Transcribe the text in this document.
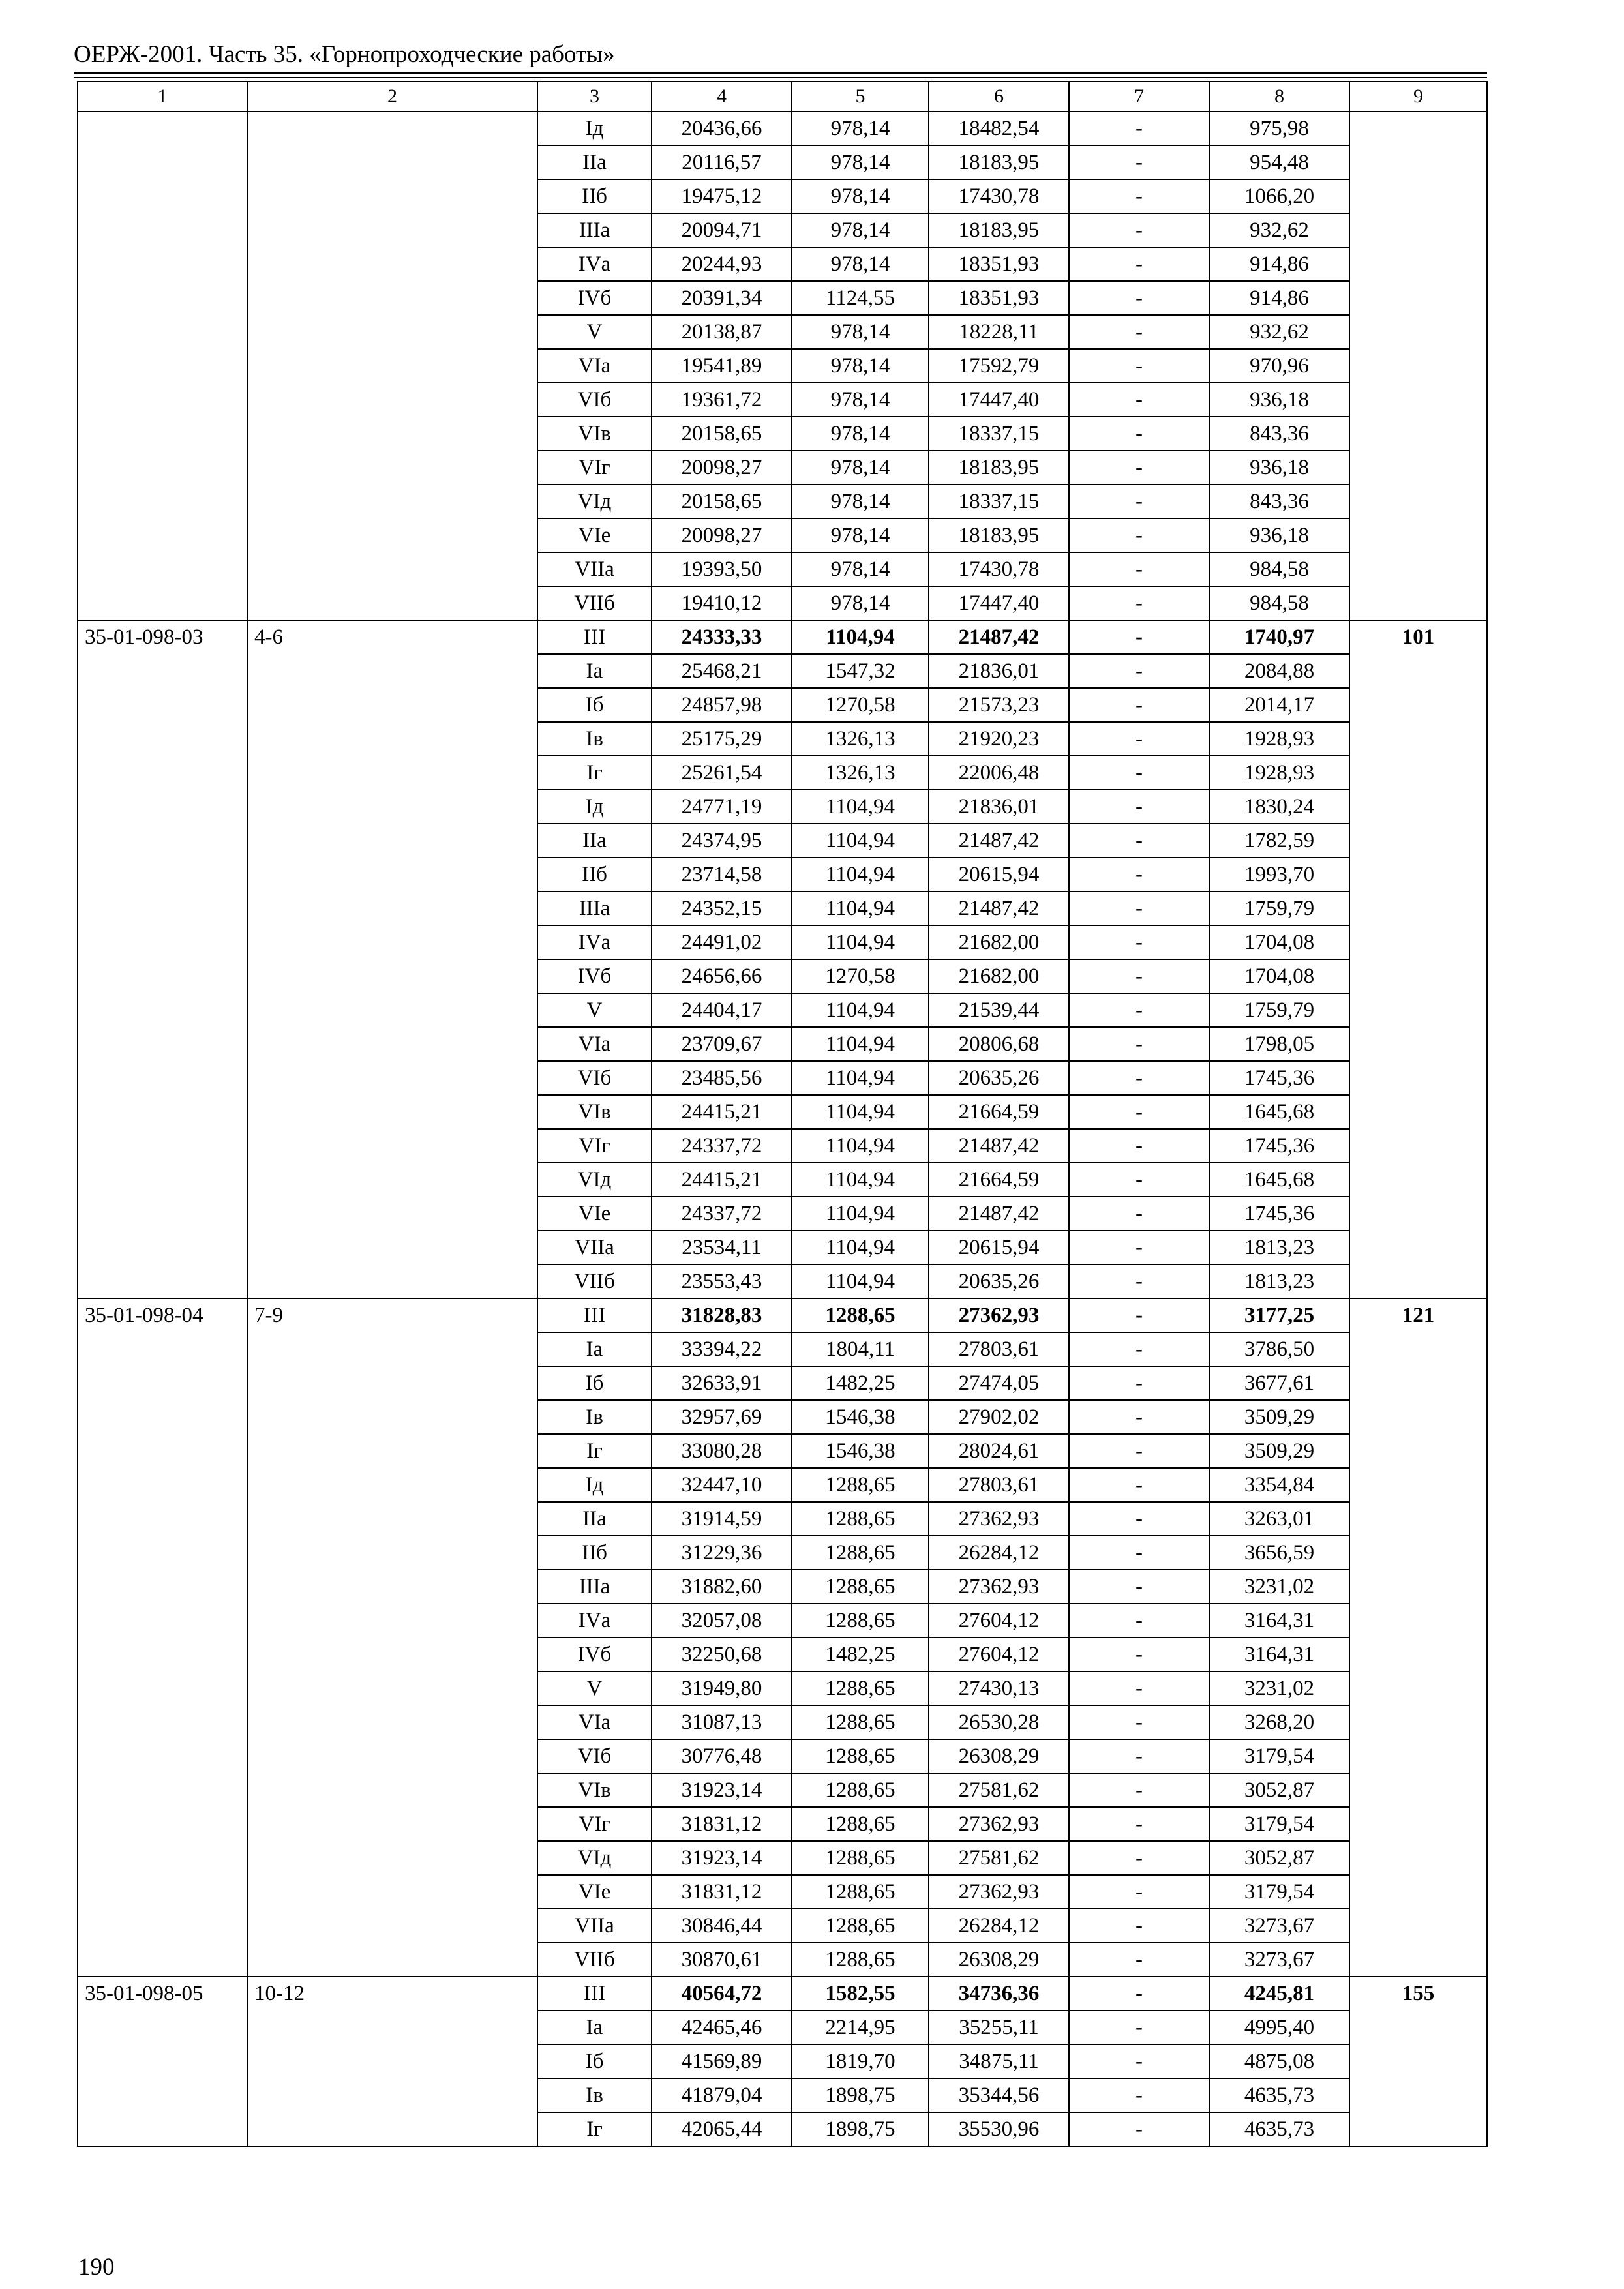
ОЕРЖ-2001. Часть 35. «Горнопроходческие работы»
1	2	3	4	5	6	7	8	9
		Iд	20436,66	978,14	18482,54	-	975,98	
		IIа	20116,57	978,14	18183,95	-	954,48	
		IIб	19475,12	978,14	17430,78	-	1066,20	
		IIIа	20094,71	978,14	18183,95	-	932,62	
		IVа	20244,93	978,14	18351,93	-	914,86	
		IVб	20391,34	1124,55	18351,93	-	914,86	
		V	20138,87	978,14	18228,11	-	932,62	
		VIа	19541,89	978,14	17592,79	-	970,96	
		VIб	19361,72	978,14	17447,40	-	936,18	
		VIв	20158,65	978,14	18337,15	-	843,36	
		VIг	20098,27	978,14	18183,95	-	936,18	
		VIд	20158,65	978,14	18337,15	-	843,36	
		VIе	20098,27	978,14	18183,95	-	936,18	
		VIIа	19393,50	978,14	17430,78	-	984,58	
		VIIб	19410,12	978,14	17447,40	-	984,58	
35-01-098-03	4-6	III	24333,33	1104,94	21487,42	-	1740,97	101
		Iа	25468,21	1547,32	21836,01	-	2084,88	
		Iб	24857,98	1270,58	21573,23	-	2014,17	
		Iв	25175,29	1326,13	21920,23	-	1928,93	
		Iг	25261,54	1326,13	22006,48	-	1928,93	
		Iд	24771,19	1104,94	21836,01	-	1830,24	
		IIа	24374,95	1104,94	21487,42	-	1782,59	
		IIб	23714,58	1104,94	20615,94	-	1993,70	
		IIIа	24352,15	1104,94	21487,42	-	1759,79	
		IVа	24491,02	1104,94	21682,00	-	1704,08	
		IVб	24656,66	1270,58	21682,00	-	1704,08	
		V	24404,17	1104,94	21539,44	-	1759,79	
		VIа	23709,67	1104,94	20806,68	-	1798,05	
		VIб	23485,56	1104,94	20635,26	-	1745,36	
		VIв	24415,21	1104,94	21664,59	-	1645,68	
		VIг	24337,72	1104,94	21487,42	-	1745,36	
		VIд	24415,21	1104,94	21664,59	-	1645,68	
		VIе	24337,72	1104,94	21487,42	-	1745,36	
		VIIа	23534,11	1104,94	20615,94	-	1813,23	
		VIIб	23553,43	1104,94	20635,26	-	1813,23	
35-01-098-04	7-9	III	31828,83	1288,65	27362,93	-	3177,25	121
		Iа	33394,22	1804,11	27803,61	-	3786,50	
		Iб	32633,91	1482,25	27474,05	-	3677,61	
		Iв	32957,69	1546,38	27902,02	-	3509,29	
		Iг	33080,28	1546,38	28024,61	-	3509,29	
		Iд	32447,10	1288,65	27803,61	-	3354,84	
		IIа	31914,59	1288,65	27362,93	-	3263,01	
		IIб	31229,36	1288,65	26284,12	-	3656,59	
		IIIа	31882,60	1288,65	27362,93	-	3231,02	
		IVа	32057,08	1288,65	27604,12	-	3164,31	
		IVб	32250,68	1482,25	27604,12	-	3164,31	
		V	31949,80	1288,65	27430,13	-	3231,02	
		VIа	31087,13	1288,65	26530,28	-	3268,20	
		VIб	30776,48	1288,65	26308,29	-	3179,54	
		VIв	31923,14	1288,65	27581,62	-	3052,87	
		VIг	31831,12	1288,65	27362,93	-	3179,54	
		VIд	31923,14	1288,65	27581,62	-	3052,87	
		VIе	31831,12	1288,65	27362,93	-	3179,54	
		VIIа	30846,44	1288,65	26284,12	-	3273,67	
		VIIб	30870,61	1288,65	26308,29	-	3273,67	
35-01-098-05	10-12	III	40564,72	1582,55	34736,36	-	4245,81	155
		Iа	42465,46	2214,95	35255,11	-	4995,40	
		Iб	41569,89	1819,70	34875,11	-	4875,08	
		Iв	41879,04	1898,75	35344,56	-	4635,73	
		Iг	42065,44	1898,75	35530,96	-	4635,73	
190
